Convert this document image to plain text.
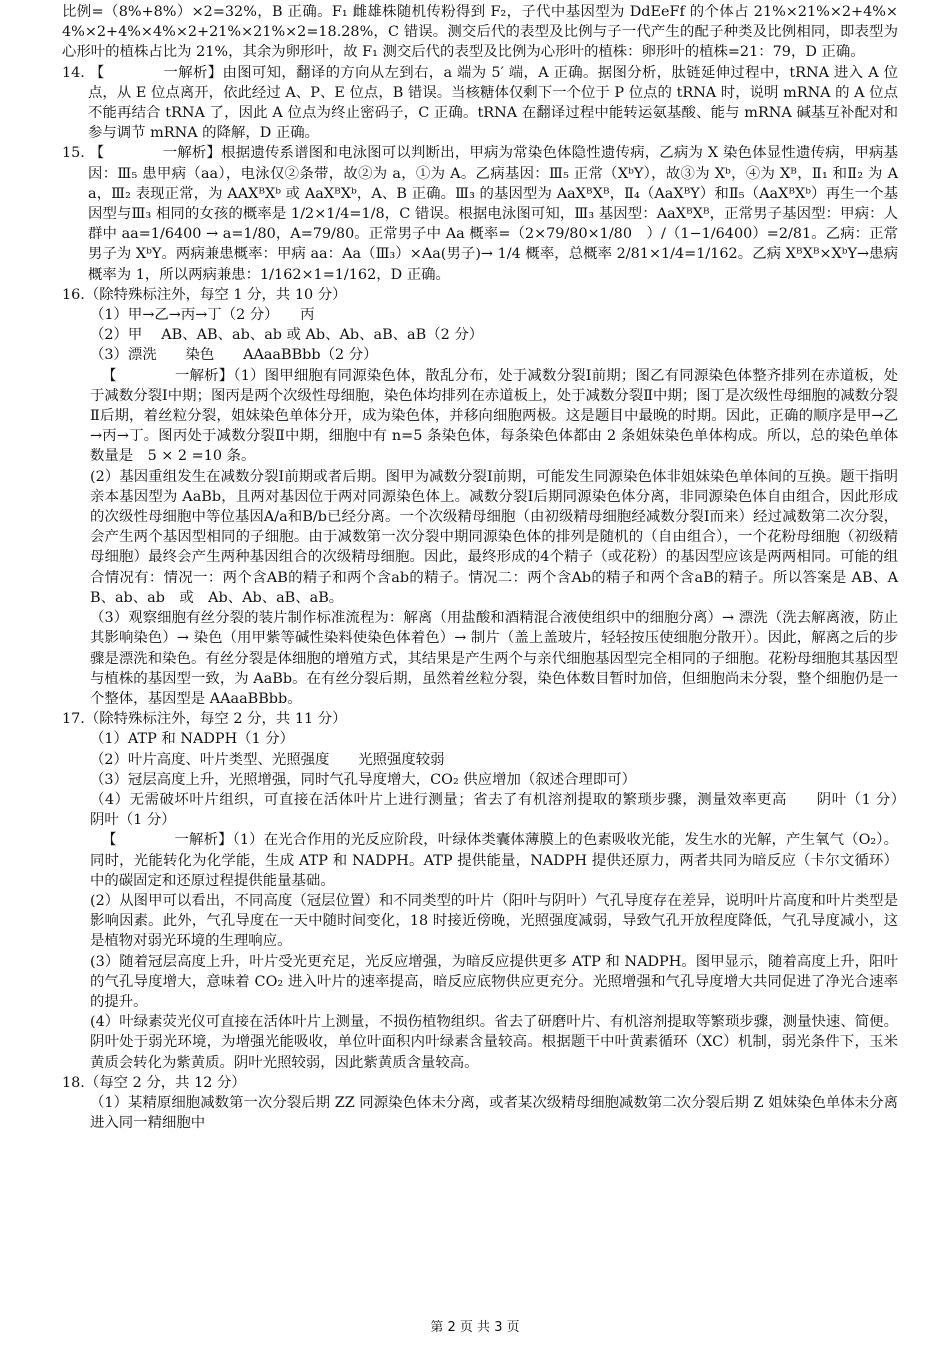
比例=（8%+8%）×2=32%，B 正确。F₁ 雌雄株随机传粉得到 F₂，子代中基因型为 DdEeFf 的个体占 21%×21%×2+4%×4%×2+4%×4%×2+21%×21%×2=18.28%，C 错误。测交后代的表型及比例与子一代产生的配子种类及比例相同，即表型为心形叶的植株占比为 21%，其余为卵形叶，故 F₁ 测交后代的表型及比例为心形叶的植株：卵形叶的植株=21：79，D 正确。

14. 【　　　　一解析】由图可知，翻译的方向从左到右，a 端为 5′ 端，A 正确。据图分析，肽链延伸过程中，tRNA 进入 A 位点，从 E 位点离开，依此经过 A、P、E 位点，B 错误。当核糖体仅剩下一个位于 P 位点的 tRNA 时，说明 mRNA 的 A 位点不能再结合 tRNA 了，因此 A 位点为终止密码子，C 正确。tRNA 在翻译过程中能转运氨基酸、能与 mRNA 碱基互补配对和参与调节 mRNA 的降解，D 正确。

15. 【　　　　一解析】根据遗传系谱图和电泳图可以判断出，甲病为常染色体隐性遗传病，乙病为 X 染色体显性遗传病，甲病基因：Ⅲ₅ 患甲病（aa），电泳仅②条带，故②为 a，①为 A。乙病基因：Ⅲ₅ 正常（XᵇY），故③为 Xᵇ，④为 Xᴮ，Ⅱ₁ 和Ⅱ₂ 为 Aa，Ⅲ₂ 表现正常，为 AAXᴮXᵇ 或 AaXᴮXᵇ，A、B 正确。Ⅲ₃ 的基因型为 AaXᴮXᴮ，Ⅱ₄（AaXᴮY）和Ⅱ₅（AaXᴮXᵇ）再生一个基因型与Ⅲ₃ 相同的女孩的概率是 1/2×1/4=1/8，C 错误。根据电泳图可知，Ⅲ₃ 基因型：AaXᴮXᴮ，正常男子基因型：甲病：人群中 aa=1/6400 → a=1/80，A=79/80。正常男子中 Aa 概率=（2×79/80×1/80　）/（1−1/6400）=2/81。乙病：正常男子为 XᵇY。两病兼患概率：甲病 aa：Aa（Ⅲ₃）×Aa(男子)→ 1/4 概率，总概率 2/81×1/4=1/162。乙病 XᴮXᴮ×XᵇY→患病概率为 1，所以两病兼患：1/162×1=1/162，D 正确。

16.（除特殊标注外，每空 1 分，共 10 分）

（1）甲→乙→丙→丁（2 分）　　丙

（2）甲　 AB、AB、ab、ab 或 Ab、Ab、aB、aB（2 分）

（3）漂洗　　染色　　AAaaBBbb（2 分）

【　　　　一解析】（1）图甲细胞有同源染色体，散乱分布，处于减数分裂Ⅰ前期；图乙有同源染色体整齐排列在赤道板，处于减数分裂Ⅰ中期；图丙是两个次级性母细胞，染色体均排列在赤道板上，处于减数分裂Ⅱ中期；图丁是次级性母细胞的减数分裂Ⅱ后期，着丝粒分裂，姐妹染色单体分开，成为染色体，并移向细胞两极。这是题目中最晚的时期。因此，正确的顺序是甲→乙→丙→丁。图丙处于减数分裂Ⅱ中期，细胞中有 n=5 条染色体，每条染色体都由 2 条姐妹染色单体构成。所以，总的染色单体数量是　5 × 2 =10 条。

(2）基因重组发生在减数分裂Ⅰ前期或者后期。图甲为减数分裂Ⅰ前期，可能发生同源染色体非姐妹染色单体间的互换。题干指明亲本基因型为 AaBb，且两对基因位于两对同源染色体上。减数分裂Ⅰ后期同源染色体分离，非同源染色体自由组合，因此形成的次级性母细胞中等位基因A/a和B/b已经分离。一个次级精母细胞（由初级精母细胞经减数分裂Ⅰ而来）经过减数第二次分裂，会产生两个基因型相同的子细胞。由于减数第一次分裂中期同源染色体的排列是随机的（自由组合），一个花粉母细胞（初级精母细胞）最终会产生两种基因组合的次级精母细胞。因此，最终形成的4个精子（或花粉）的基因型应该是两两相同。可能的组合情况有：情况一：两个含AB的精子和两个含ab的精子。情况二：两个含Ab的精子和两个含aB的精子。所以答案是 AB、AB、ab、ab　或　Ab、Ab、aB、aB。

（3）观察细胞有丝分裂的装片制作标准流程为：解离（用盐酸和酒精混合液使组织中的细胞分离）→ 漂洗（洗去解离液，防止其影响染色）→ 染色（用甲紫等碱性染料使染色体着色）→ 制片（盖上盖玻片，轻轻按压使细胞分散开）。因此，解离之后的步骤是漂洗和染色。有丝分裂是体细胞的增殖方式，其结果是产生两个与亲代细胞基因型完全相同的子细胞。花粉母细胞其基因型与植株的基因型一致，为 AaBb。在有丝分裂后期，虽然着丝粒分裂，染色体数目暂时加倍，但细胞尚未分裂，整个细胞仍是一个整体，基因型是 AAaaBBbb。

17.（除特殊标注外，每空 2 分，共 11 分）

（1）ATP 和 NADPH（1 分）

（2）叶片高度、叶片类型、光照强度　　光照强度较弱

（3）冠层高度上升，光照增强，同时气孔导度增大，CO₂ 供应增加（叙述合理即可）

（4）无需破坏叶片组织，可直接在活体叶片上进行测量；省去了有机溶剂提取的繁琐步骤，测量效率更高　　阴叶（1 分）　　阴叶（1 分）

【　　　　一解析】（1）在光合作用的光反应阶段，叶绿体类囊体薄膜上的色素吸收光能，发生水的光解，产生氧气（O₂）。同时，光能转化为化学能，生成 ATP 和 NADPH。ATP 提供能量，NADPH 提供还原力，两者共同为暗反应（卡尔文循环）中的碳固定和还原过程提供能量基础。

(2）从图甲可以看出，不同高度（冠层位置）和不同类型的叶片（阳叶与阴叶）气孔导度存在差异，说明叶片高度和叶片类型是影响因素。此外，气孔导度在一天中随时间变化，18 时接近傍晚，光照强度减弱，导致气孔开放程度降低，气孔导度减小，这是植物对弱光环境的生理响应。

(3）随着冠层高度上升，叶片受光更充足，光反应增强，为暗反应提供更多 ATP 和 NADPH。图甲显示，随着高度上升，阳叶的气孔导度增大，意味着 CO₂ 进入叶片的速率提高，暗反应底物供应更充分。光照增强和气孔导度增大共同促进了净光合速率的提升。

(4）叶绿素荧光仪可直接在活体叶片上测量，不损伤植物组织。省去了研磨叶片、有机溶剂提取等繁琐步骤，测量快速、简便。阴叶处于弱光环境，为增强光能吸收，单位叶面积内叶绿素含量较高。根据题干中叶黄素循环（XC）机制，弱光条件下，玉米黄质会转化为紫黄质。阴叶光照较弱，因此紫黄质含量较高。

18.（每空 2 分，共 12 分）

（1）某精原细胞减数第一次分裂后期 ZZ 同源染色体未分离，或者某次级精母细胞减数第二次分裂后期 Z 姐妹染色单体未分离进入同一精细胞中

第 2 页 共 3 页
